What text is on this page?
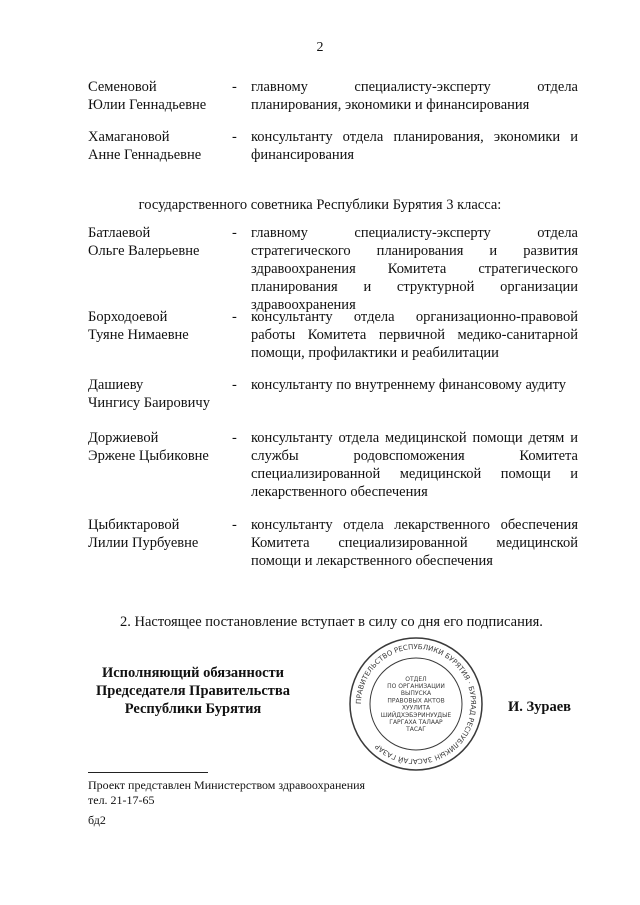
2
Семеновой
Юлии Геннадьевне
- главному специалисту-эксперту отдела планирования, экономики и финансирования
Хамагановой
Анне Геннадьевне
- консультанту отдела планирования, экономики и финансирования
государственного советника Республики Бурятия 3 класса:
Батлаевой
Ольге Валерьевне
- главному специалисту-эксперту отдела стратегического планирования и развития здравоохранения Комитета стратегического планирования и структурной организации здравоохранения
Борходоевой
Туяне Нимаевне
- консультанту отдела организационно-правовой работы Комитета первичной медико-санитарной помощи, профилактики и реабилитации
Дашиеву
Чингису Баировичу
- консультанту по внутреннему финансовому аудиту
Доржиевой
Эржене Цыбиковне
- консультанту отдела медицинской помощи детям и службы родовспоможения Комитета специализированной медицинской помощи и лекарственного обеспечения
Цыбиктаровой
Лилии Пурбуевне
- консультанту отдела лекарственного обеспечения Комитета специализированной медицинской помощи и лекарственного обеспечения
2. Настоящее постановление вступает в силу со дня его подписания.
Исполняющий обязанности
Председателя Правительства
Республики Бурятия	ПРАВИТЕЛЬСТВО РЕСПУБЛИКИ БУРЯТИЯ · БУРЯАД РЕСПУБЛИКЫН ЗАСАГАЙ ГАЗАР
ОТДЕЛ
ПО ОРГАНИЗАЦИИ
ВЫПУСКА
ПРАВОВЫХ АКТОВ
ХУУЛИТА
ШИЙДХЭБЭРИНУУДЫЕ
ГАРГАХА ТАЛААР
ТАСАГ
И. Зураев
Проект представлен Министерством здравоохранения
тел. 21-17-65
бд2
